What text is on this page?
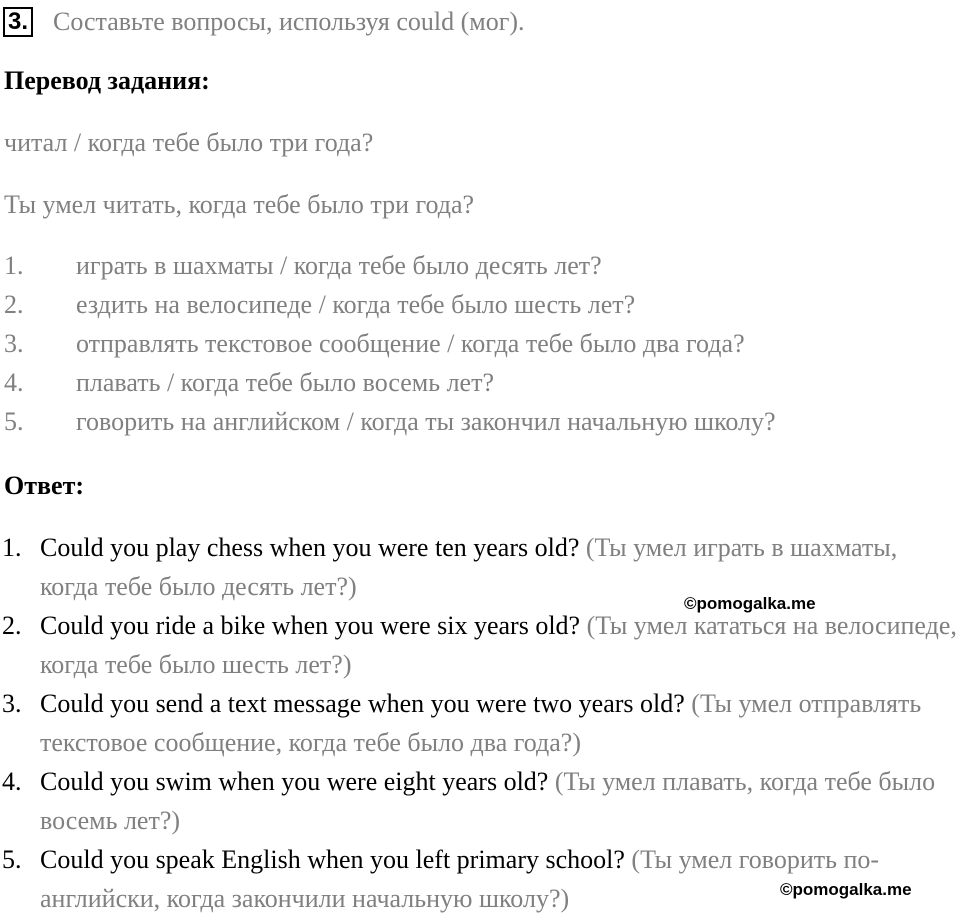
3. Составьте вопросы, используя could (мог).
Перевод задания:
читал / когда тебе было три года?
Ты умел читать, когда тебе было три года?
1.	играть в шахматы / когда тебе было десять лет?
2.	ездить на велосипеде / когда тебе было шесть лет?
3.	отправлять текстовое сообщение / когда тебе было два года?
4.	плавать / когда тебе было восемь лет?
5.	говорить на английском / когда ты закончил начальную школу?
Ответ:
1. Could you play chess when you were ten years old? (Ты умел играть в шахматы, когда тебе было десять лет?)
2. Could you ride a bike when you were six years old? (Ты умел кататься на велосипеде, когда тебе было шесть лет?)
3. Could you send a text message when you were two years old? (Ты умел отправлять текстовое сообщение, когда тебе было два года?)
4. Could you swim when you were eight years old? (Ты умел плавать, когда тебе было восемь лет?)
5. Could you speak English when you left primary school? (Ты умел говорить по-английски, когда закончили начальную школу?)
©pomogalka.me
©pomogalka.me
